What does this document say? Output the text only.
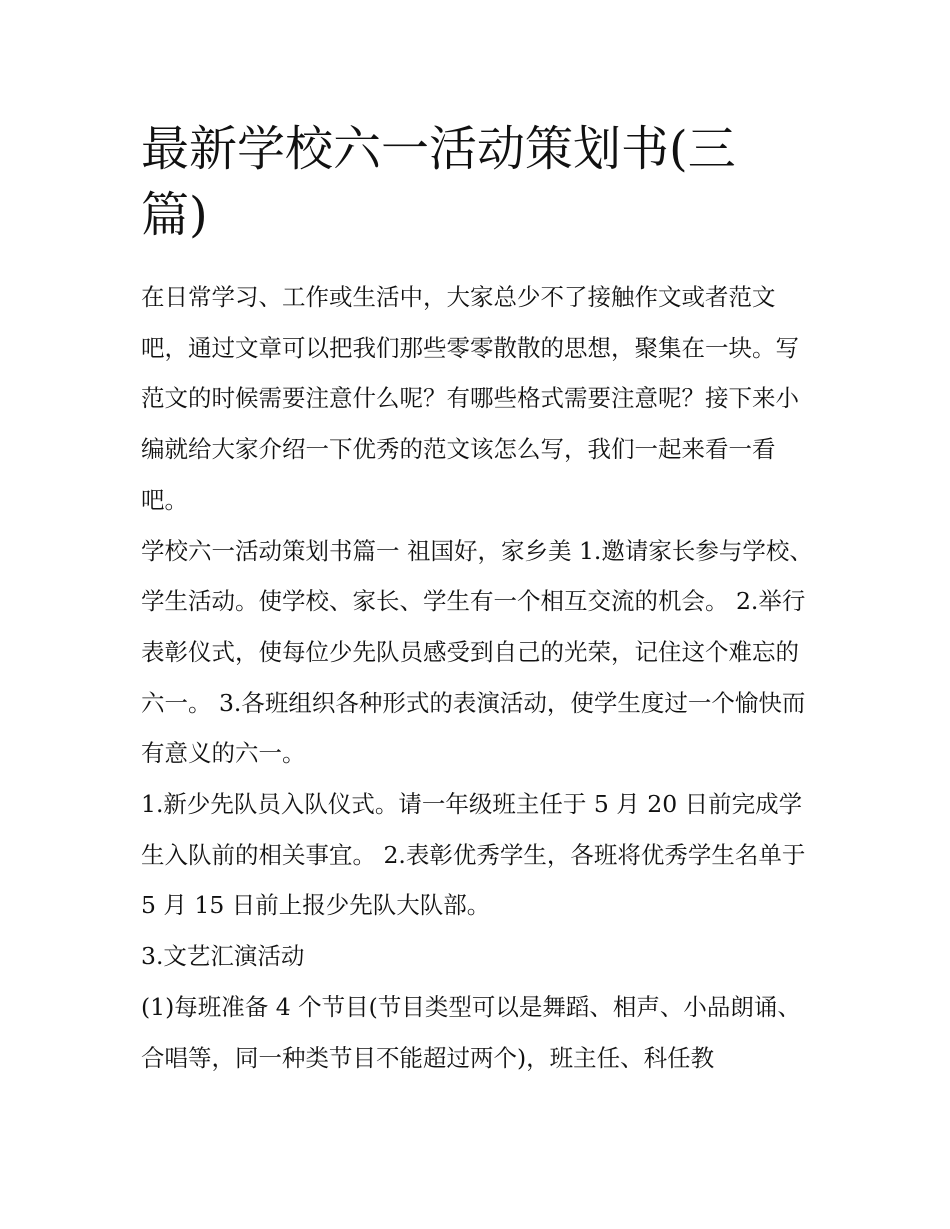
最新学校六一活动策划书(三篇)

在日常学习、工作或生活中，大家总少不了接触作文或者范文吧，通过文章可以把我们那些零零散散的思想，聚集在一块。写范文的时候需要注意什么呢？有哪些格式需要注意呢？接下来小编就给大家介绍一下优秀的范文该怎么写，我们一起来看一看吧。

学校六一活动策划书篇一 祖国好，家乡美 1.邀请家长参与学校、学生活动。使学校、家长、学生有一个相互交流的机会。 2.举行表彰仪式，使每位少先队员感受到自己的光荣，记住这个难忘的六一。 3.各班组织各种形式的表演活动，使学生度过一个愉快而有意义的六一。

1.新少先队员入队仪式。请一年级班主任于 5 月 20 日前完成学生入队前的相关事宜。 2.表彰优秀学生，各班将优秀学生名单于 5 月 15 日前上报少先队大队部。

3.文艺汇演活动

(1)每班准备 4 个节目(节目类型可以是舞蹈、相声、小品朗诵、合唱等，同一种类节目不能超过两个)，班主任、科任教
